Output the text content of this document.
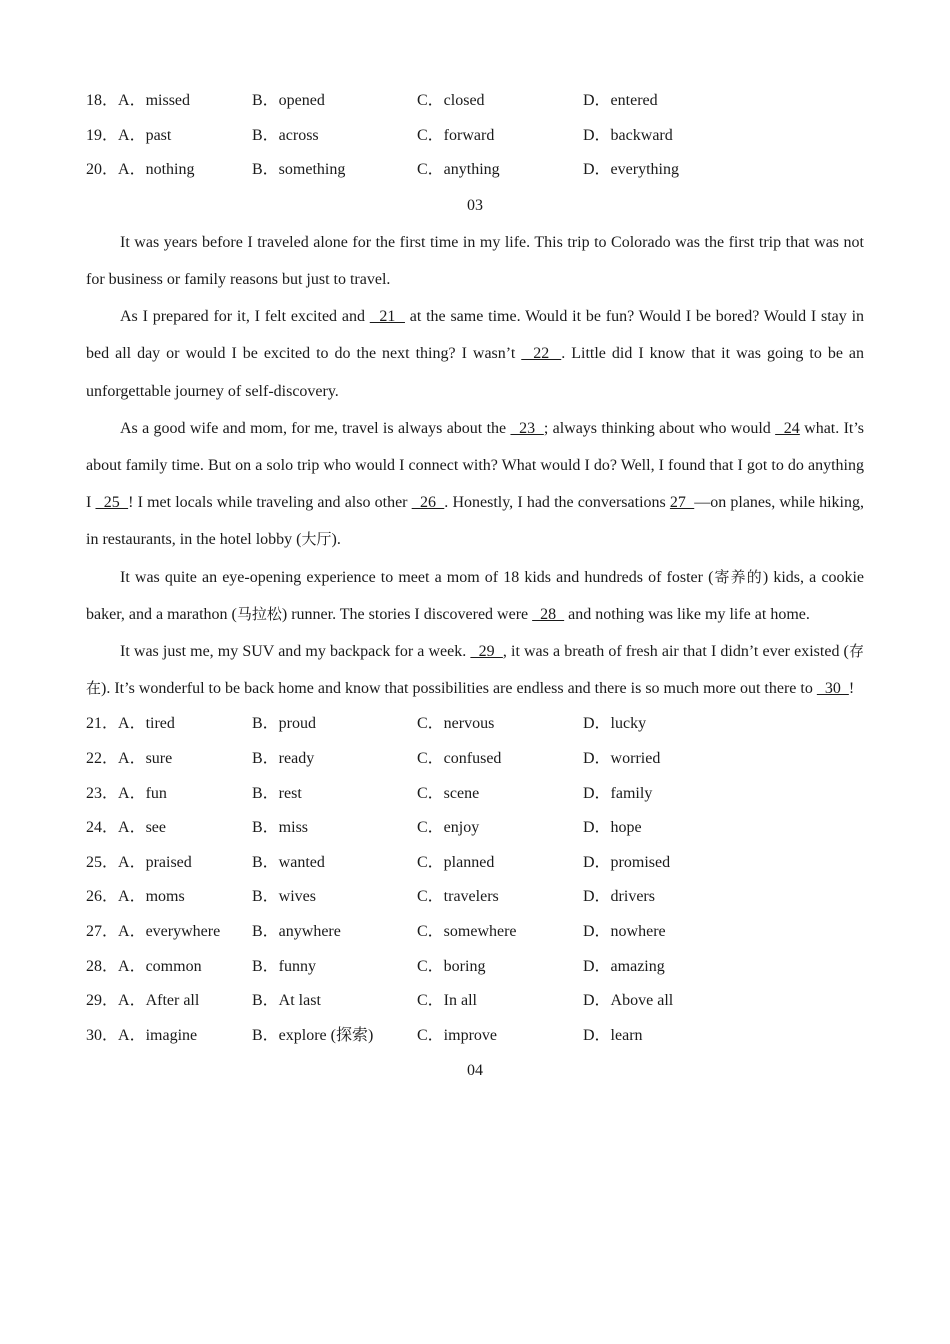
18．A．missed	B．opened	C．closed	D．entered
19．A．past	B．across	C．forward	D．backward
20．A．nothing	B．something	C．anything	D．everything
03

It was years before I traveled alone for the first time in my life. This trip to Colorado was the first trip that was not for business or family reasons but just to travel.

As I prepared for it, I felt excited and   21   at the same time. Would it be fun? Would I be bored? Would I stay in bed all day or would I be excited to do the next thing? I wasn’t   22  . Little did I know that it was going to be an unforgettable journey of self-discovery.

As a good wife and mom, for me, travel is always about the   23  ; always thinking about who would   24 what. It’s about family time. But on a solo trip who would I connect with? What would I do? Well, I found that I got to do anything I   25  ! I met locals while traveling and also other   26  . Honestly, I had the conversations 27  —on planes, while hiking, in restaurants, in the hotel lobby (大厅).

It was quite an eye-opening experience to meet a mom of 18 kids and hundreds of foster (寄养的) kids, a cookie baker, and a marathon (马拉松) runner. The stories I discovered were   28   and nothing was like my life at home.

It was just me, my SUV and my backpack for a week.   29  , it was a breath of fresh air that I didn’t ever existed (存在). It’s wonderful to be back home and know that possibilities are endless and there is so much more out there to   30  !

21．A．tired	B．proud	C．nervous	D．lucky
22．A．sure	B．ready	C．confused	D．worried
23．A．fun	B．rest	C．scene	D．family
24．A．see	B．miss	C．enjoy	D．hope
25．A．praised	B．wanted	C．planned	D．promised
26．A．moms	B．wives	C．travelers	D．drivers
27．A．everywhere B．anywhere	C．somewhere	D．nowhere
28．A．common	B．funny	C．boring	D．amazing
29．A．After all	B．At last	C．In all	D．Above all
30．A．imagine	B．explore (探索)	C．improve	D．learn
04
